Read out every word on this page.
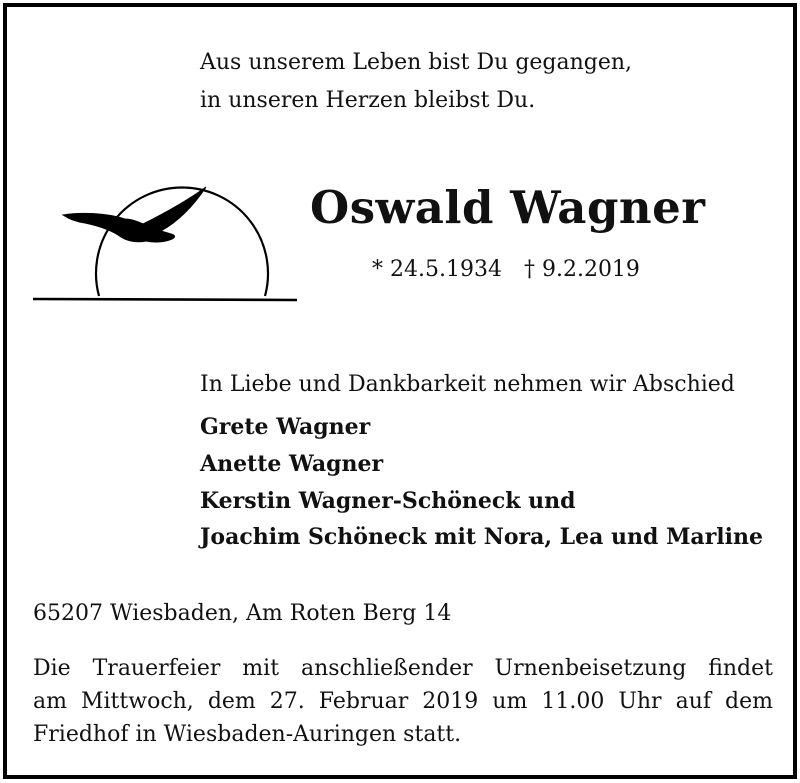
Aus unserem Leben bist Du gegangen,
in unseren Herzen bleibst Du.
Oswald Wagner
* 24.5.1934 † 9.2.2019
In Liebe und Dankbarkeit nehmen wir Abschied
Grete Wagner
Anette Wagner
Kerstin Wagner-Schöneck und
Joachim Schöneck mit Nora, Lea und Marline
65207 Wiesbaden, Am Roten Berg 14
Die Trauerfeier mit anschließender Urnenbeisetzung findet
am Mittwoch, dem 27. Februar 2019 um 11.00 Uhr auf dem
Friedhof in Wiesbaden-Auringen statt.
